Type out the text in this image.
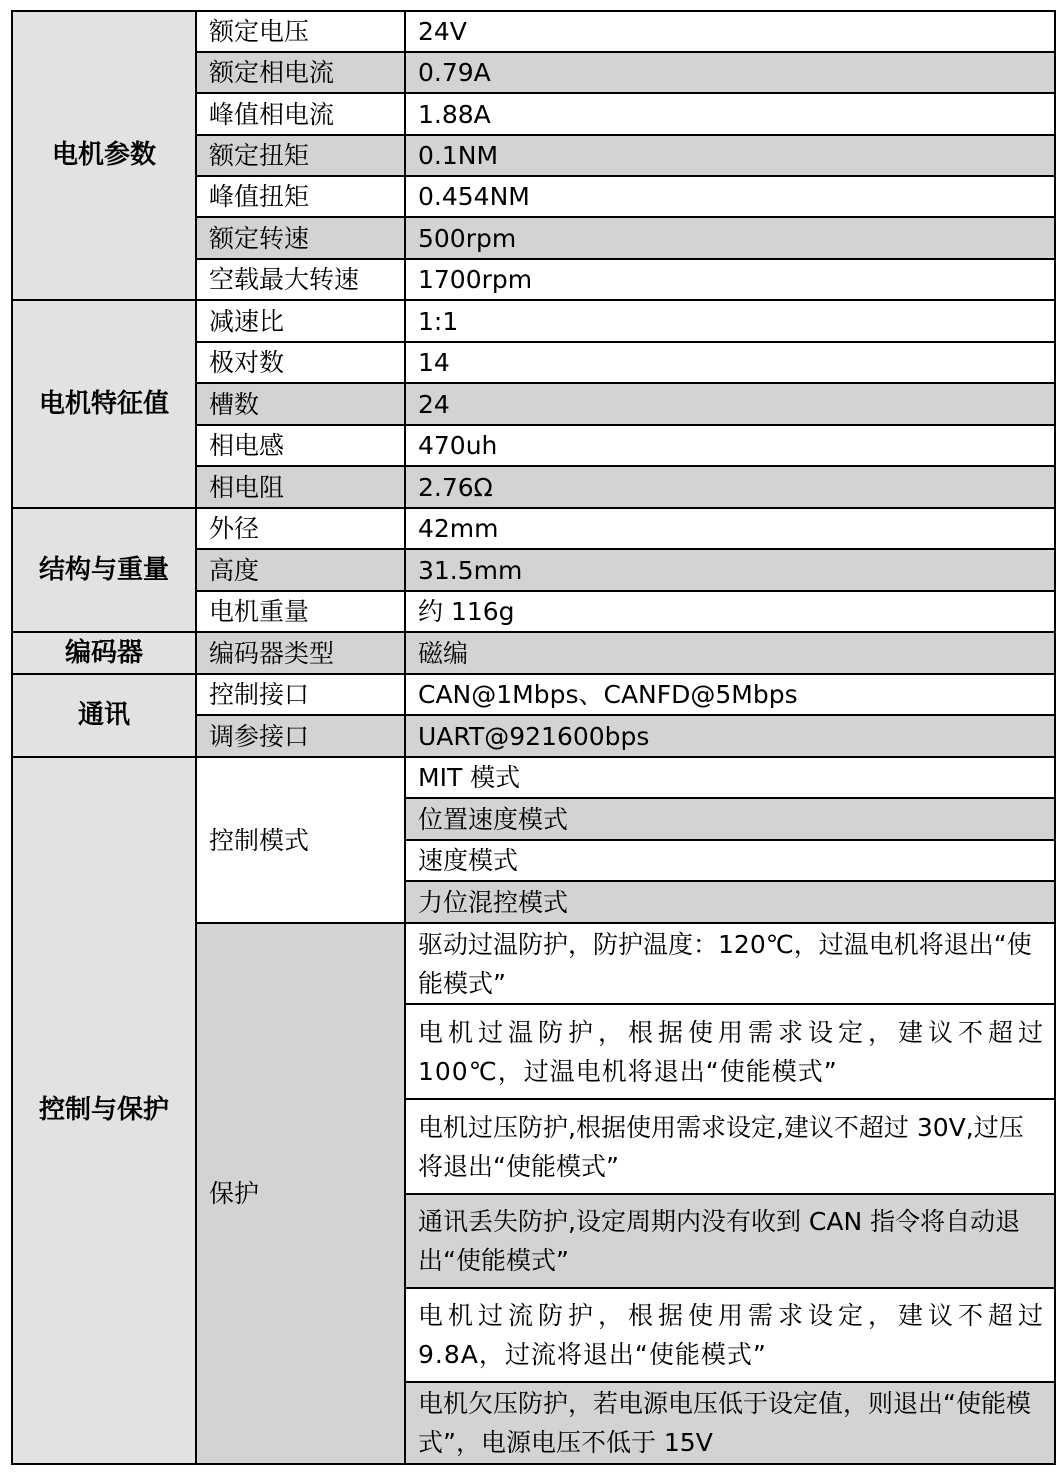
电机参数	额定电压	24V
	额定相电流	0.79A
	峰值相电流	1.88A
	额定扭矩	0.1NM
	峰值扭矩	0.454NM
	额定转速	500rpm
	空载最大转速	1700rpm
电机特征值	减速比	1:1
	极对数	14
	槽数	24
	相电感	470uh
	相电阻	2.76Ω
结构与重量	外径	42mm
	高度	31.5mm
	电机重量	约 116g
编码器	编码器类型	磁编
通讯	控制接口	CAN@1Mbps、CANFD@5Mbps
	调参接口	UART@921600bps
控制与保护	控制模式	MIT 模式
		位置速度模式
		速度模式
		力位混控模式
	保护	驱动过温防护，防护温度：120℃，过温电机将退出“使能模式”
		电机过温防护，根据使用需求设定，建议不超过100℃，过温电机将退出“使能模式”
		电机过压防护,根据使用需求设定,建议不超过 30V,过压将退出“使能模式”
		通讯丢失防护,设定周期内没有收到 CAN 指令将自动退出“使能模式”
		电机过流防护，根据使用需求设定，建议不超过9.8A，过流将退出“使能模式”
		电机欠压防护，若电源电压低于设定值，则退出“使能模式”，电源电压不低于 15V
